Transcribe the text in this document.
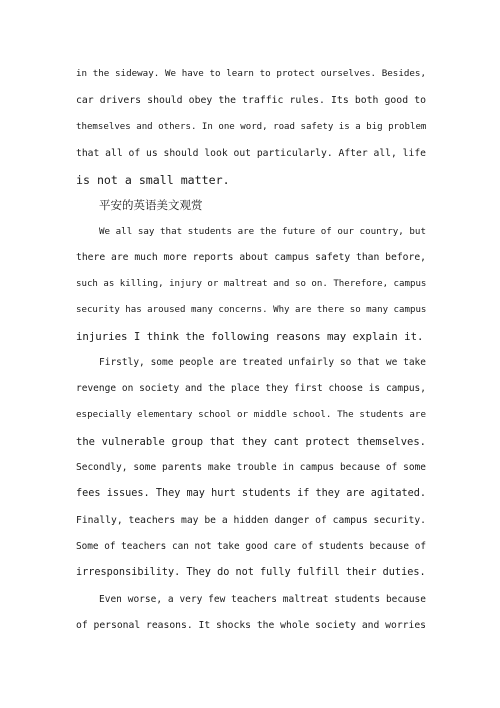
in the sideway. We have to learn to protect ourselves. Besides,
car drivers should obey the traffic rules. Its both good to
themselves and others. In one word, road safety is a big problem
that all of us should look out particularly. After all, life
is not a small matter.
平安的英语美文观赏
We all say that students are the future of our country, but
there are much more reports about campus safety than before,
such as killing, injury or maltreat and so on. Therefore, campus
security has aroused many concerns. Why are there so many campus
injuries I think the following reasons may explain it.
Firstly, some people are treated unfairly so that we take
revenge on society and the place they first choose is campus,
especially elementary school or middle school. The students are
the vulnerable group that they cant protect themselves.
Secondly, some parents make trouble in campus because of some
fees issues. They may hurt students if they are agitated.
Finally, teachers may be a hidden danger of campus security.
Some of teachers can not take good care of students because of
irresponsibility. They do not fully fulfill their duties.
Even worse, a very few teachers maltreat students because
of personal reasons. It shocks the whole society and worries
